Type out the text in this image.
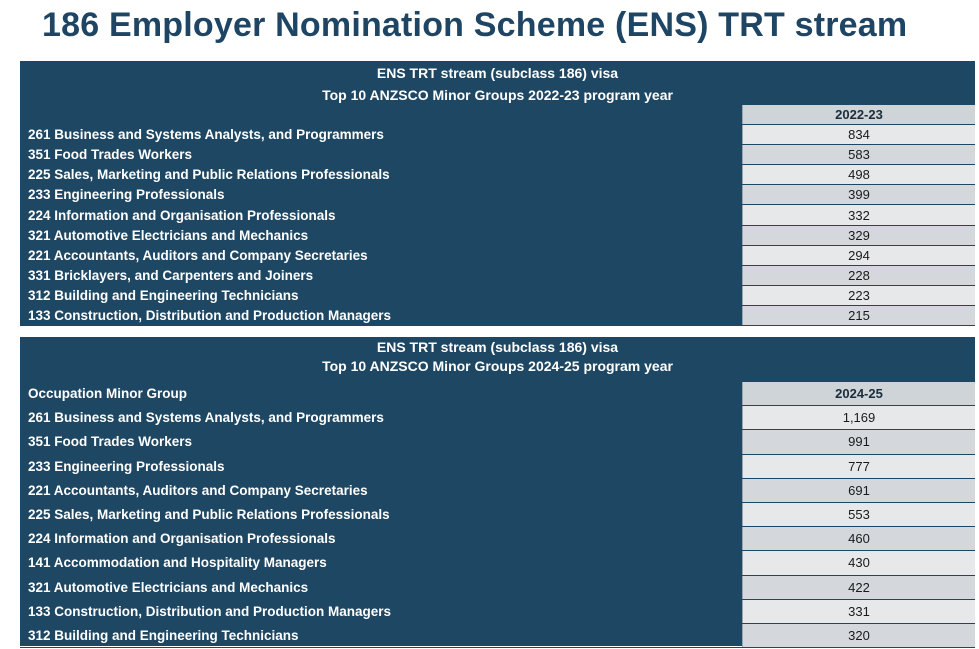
186 Employer Nomination Scheme (ENS) TRT stream
ENS TRT stream (subclass 186) visa
Top 10 ANZSCO Minor Groups 2022-23 program year
2022-23
261 Business and Systems Analysts, and Programmers	834
351 Food Trades Workers	583
225 Sales, Marketing and Public Relations Professionals	498
233 Engineering Professionals	399
224 Information and Organisation Professionals	332
321 Automotive Electricians and Mechanics	329
221 Accountants, Auditors and Company Secretaries	294
331 Bricklayers, and Carpenters and Joiners	228
312 Building and Engineering Technicians	223
133 Construction, Distribution and Production Managers	215
ENS TRT stream (subclass 186) visa
Top 10 ANZSCO Minor Groups 2024-25 program year
Occupation Minor Group	2024-25
261 Business and Systems Analysts, and Programmers	1,169
351 Food Trades Workers	991
233 Engineering Professionals	777
221 Accountants, Auditors and Company Secretaries	691
225 Sales, Marketing and Public Relations Professionals	553
224 Information and Organisation Professionals	460
141 Accommodation and Hospitality Managers	430
321 Automotive Electricians and Mechanics	422
133 Construction, Distribution and Production Managers	331
312 Building and Engineering Technicians	320
